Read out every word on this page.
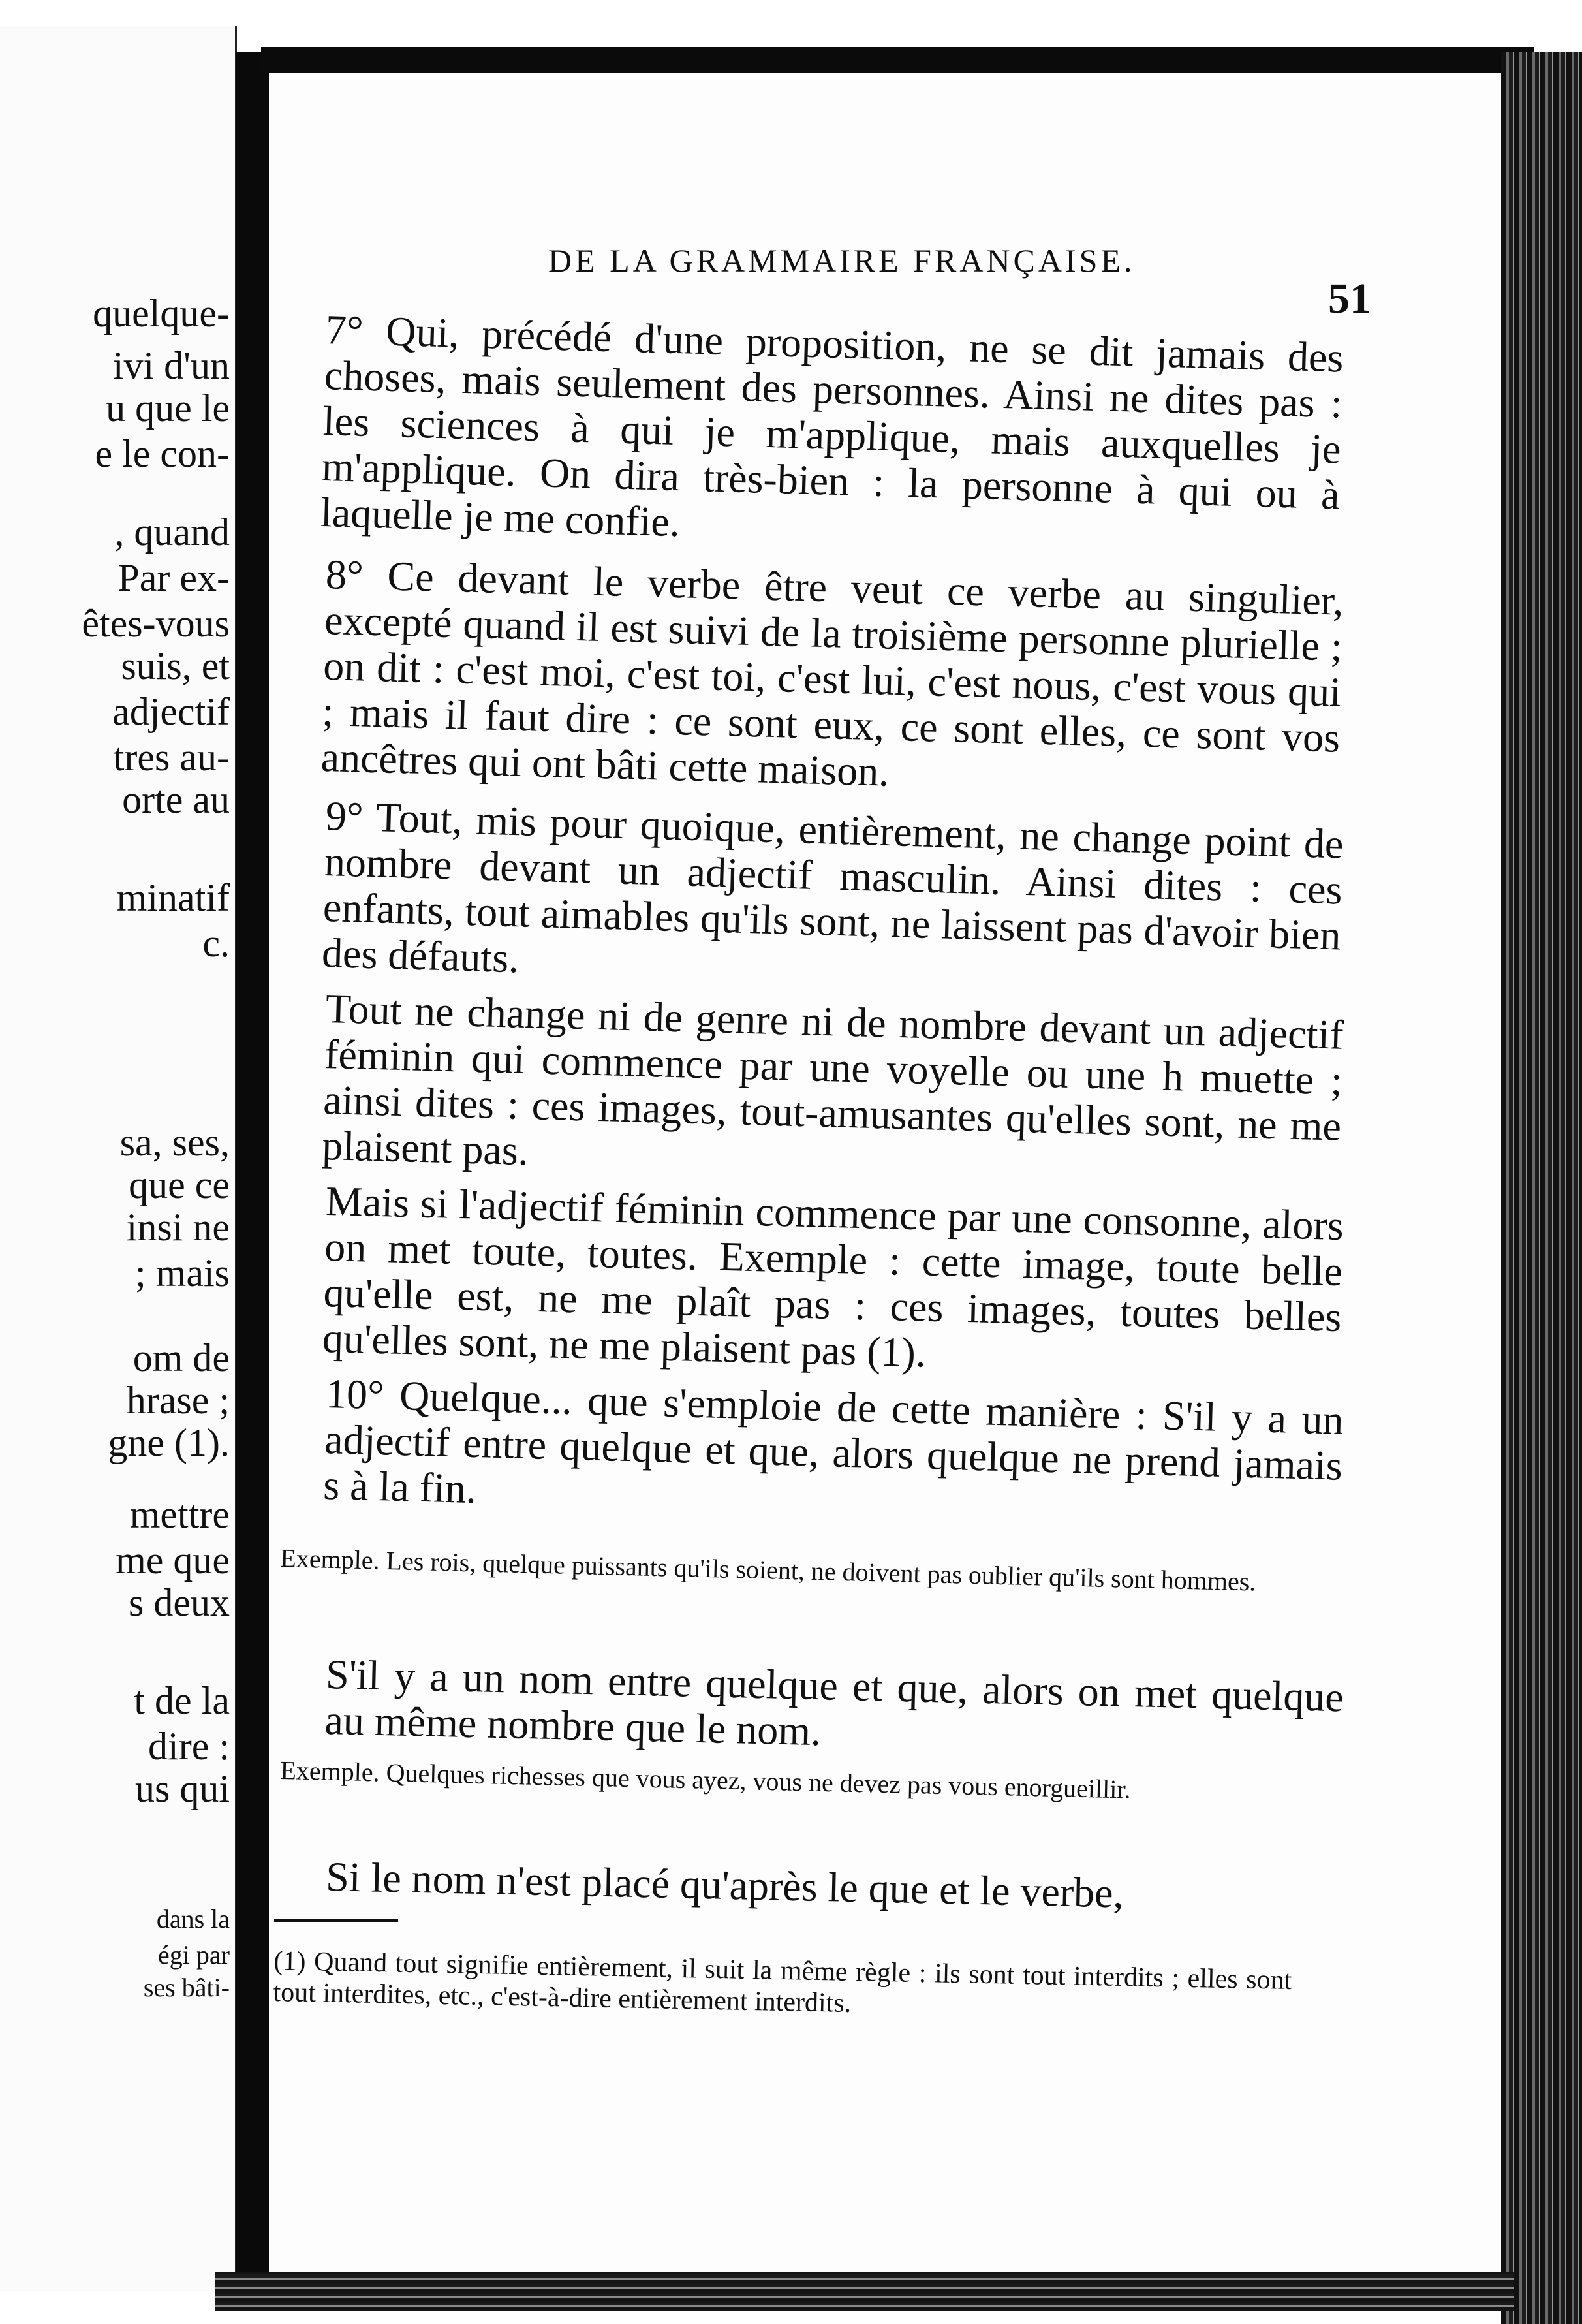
quelque-
ivi d'un
u que le
e le con-
, quand
Par ex-
êtes-vous
suis, et
adjectif
tres au-
orte au
minatif
c.
sa, ses,
que ce
insi ne
; mais
om de
hrase ;
gne (1).
mettre
me que
s deux
t de la
dire :
us qui
dans la
égi par
ses bâti-
DE LA GRAMMAIRE FRANÇAISE.
51
7° Qui, précédé d'une proposition, ne se dit jamais des choses, mais seulement des personnes. Ainsi ne dites pas : les sciences à qui je m'applique, mais auxquelles je m'applique. On dira très-bien : la personne à qui ou à laquelle je me confie.
8° Ce devant le verbe être veut ce verbe au singulier, excepté quand il est suivi de la troisième personne plurielle ; on dit : c'est moi, c'est toi, c'est lui, c'est nous, c'est vous qui ; mais il faut dire : ce sont eux, ce sont elles, ce sont vos ancêtres qui ont bâti cette maison.
9° Tout, mis pour quoique, entièrement, ne change point de nombre devant un adjectif masculin. Ainsi dites : ces enfants, tout aimables qu'ils sont, ne laissent pas d'avoir bien des défauts.
Tout ne change ni de genre ni de nombre devant un adjectif féminin qui commence par une voyelle ou une h muette ; ainsi dites : ces images, tout-amusantes qu'elles sont, ne me plaisent pas.
Mais si l'adjectif féminin commence par une consonne, alors on met toute, toutes. Exemple : cette image, toute belle qu'elle est, ne me plaît pas : ces images, toutes belles qu'elles sont, ne me plaisent pas (1).
10° Quelque... que s'emploie de cette manière : S'il y a un adjectif entre quelque et que, alors quelque ne prend jamais s à la fin.
Exemple. Les rois, quelque puissants qu'ils soient, ne doivent pas oublier qu'ils sont hommes.
S'il y a un nom entre quelque et que, alors on met quelque au même nombre que le nom.
Exemple. Quelques richesses que vous ayez, vous ne devez pas vous enorgueillir.
Si le nom n'est placé qu'après le que et le verbe,
(1) Quand tout signifie entièrement, il suit la même règle : ils sont tout interdits ; elles sont tout interdites, etc., c'est-à-dire entièrement interdits.
